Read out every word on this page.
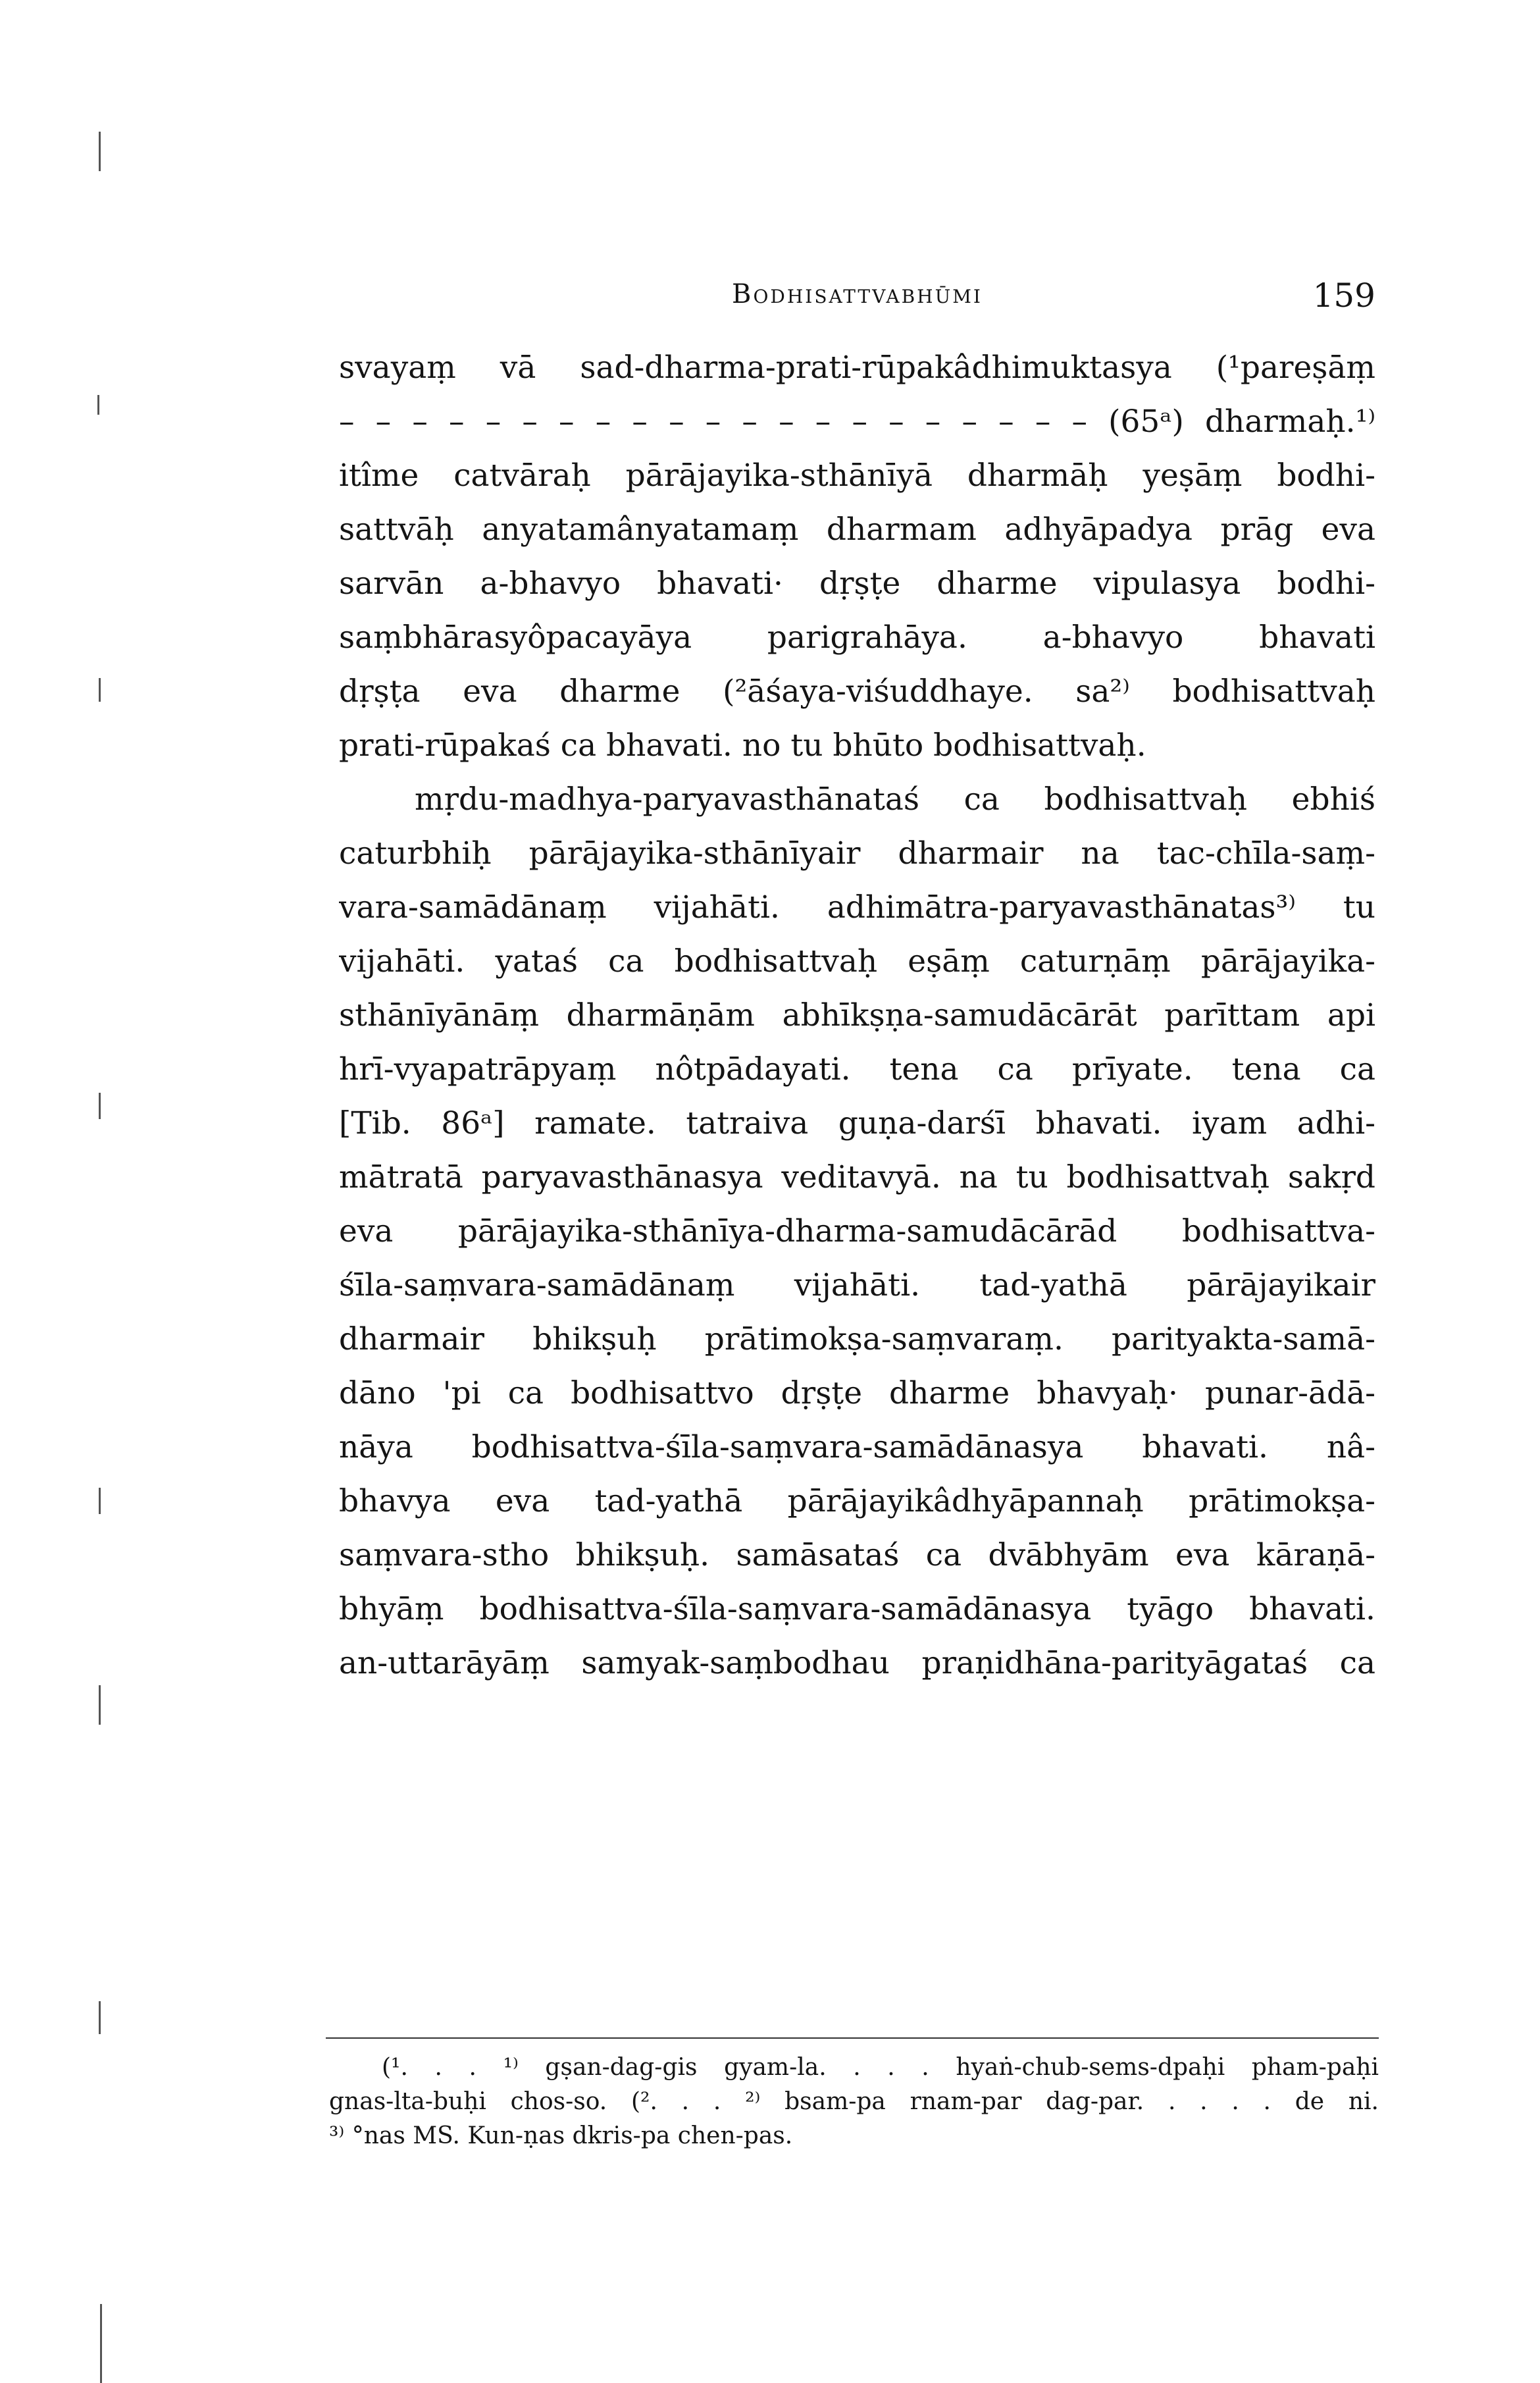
Bodhisattvabhūmi	159
svayaṃ vā sad-dharma-prati-rūpakâdhimuktasya (¹pareṣāṃ
– – – – – – – – – – – – – – – – – – – – – (65ᵃ) dharmaḥ.¹⁾
itîme catvāraḥ pārājayika-sthānīyā dharmāḥ yeṣāṃ bodhi-
sattvāḥ anyatamânyatamaṃ dharmam adhyāpadya prāg eva
sarvān a-bhavyo bhavati· dṛṣṭe dharme vipulasya bodhi-
saṃbhārasyôpacayāya parigrahāya. a-bhavyo bhavati
dṛṣṭa eva dharme (²āśaya-viśuddhaye. sa²⁾ bodhisattvaḥ
prati-rūpakaś ca bhavati. no tu bhūto bodhisattvaḥ.
mṛdu-madhya-paryavasthānataś ca bodhisattvaḥ ebhiś
caturbhiḥ pārājayika-sthānīyair dharmair na tac-chīla-saṃ-
vara-samādānaṃ vijahāti. adhimātra-paryavasthānatas³⁾ tu
vijahāti. yataś ca bodhisattvaḥ eṣāṃ caturṇāṃ pārājayika-
sthānīyānāṃ dharmāṇām abhīkṣṇa-samudācārāt parīttam api
hrī-vyapatrāpyaṃ nôtpādayati. tena ca prīyate. tena ca
[Tib. 86ᵃ] ramate. tatraiva guṇa-darśī bhavati. iyam adhi-
mātratā paryavasthānasya veditavyā. na tu bodhisattvaḥ sakṛd
eva pārājayika-sthānīya-dharma-samudācārād bodhisattva-
śīla-saṃvara-samādānaṃ vijahāti. tad-yathā pārājayikair
dharmair bhikṣuḥ prātimokṣa-saṃvaraṃ. parityakta-samā-
dāno 'pi ca bodhisattvo dṛṣṭe dharme bhavyaḥ· punar-ādā-
nāya bodhisattva-śīla-saṃvara-samādānasya bhavati. nâ-
bhavya eva tad-yathā pārājayikâdhyāpannaḥ prātimokṣa-
saṃvara-stho bhikṣuḥ. samāsataś ca dvābhyām eva kāraṇā-
bhyāṃ bodhisattva-śīla-saṃvara-samādānasya tyāgo bhavati.
an-uttarāyāṃ samyak-saṃbodhau praṇidhāna-parityāgataś ca
(¹. . . ¹⁾ gṣan-dag-gis gyam-la. . . . hyaṅ-chub-sems-dpaḥi pham-paḥi
gnas-lta-buḥi chos-so. (². . . ²⁾ bsam-pa rnam-par dag-par. . . . . de ni.
³⁾ °nas MS. Kun-ṇas dkris-pa chen-pas.
